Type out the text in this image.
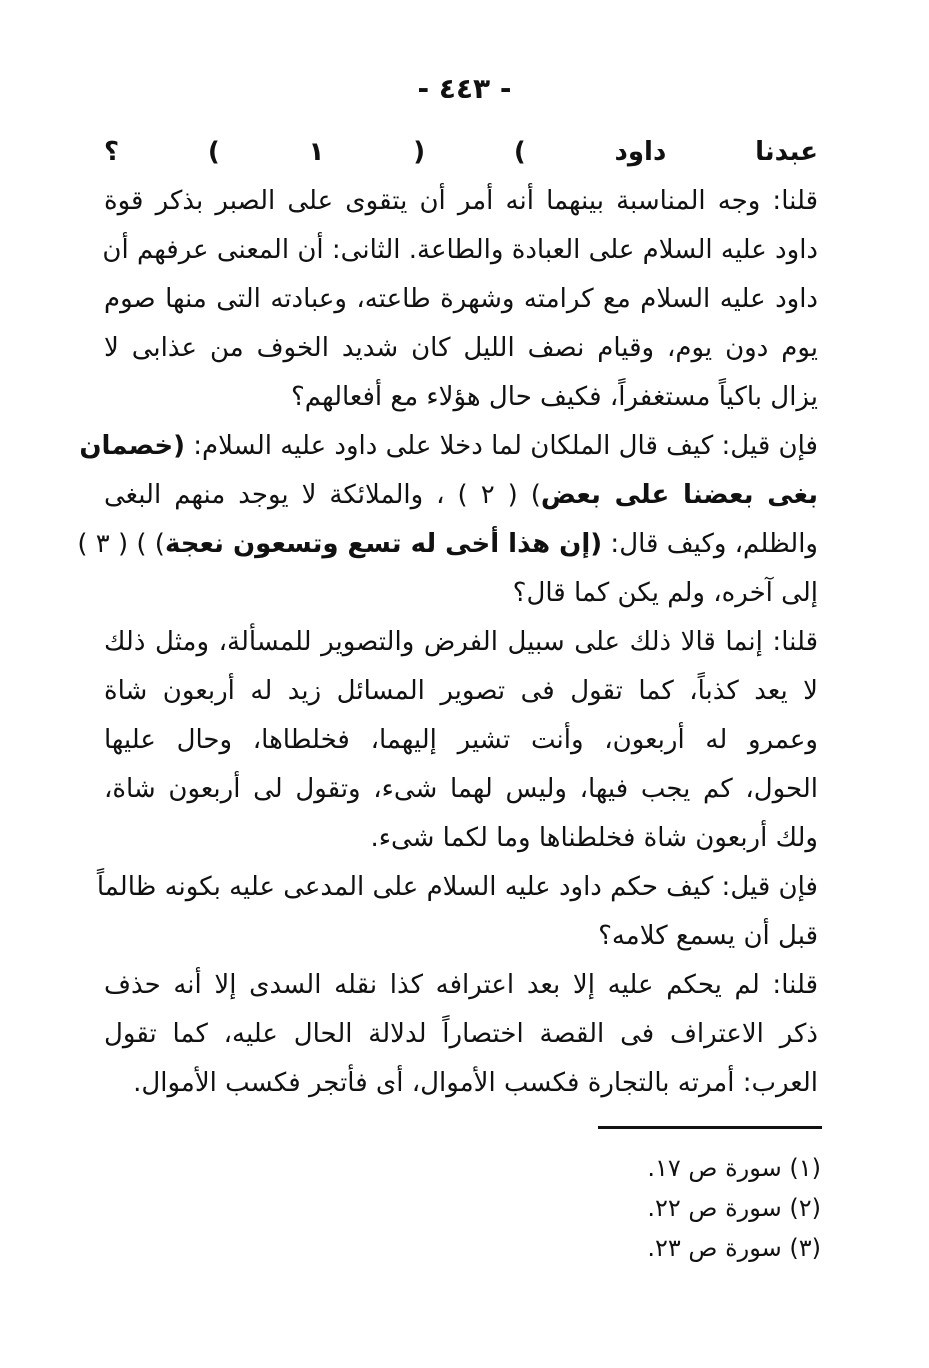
- ٤٤٣ -
عبدنا داود ) ( ١ ) ؟
قلنا: وجه المناسبة بينهما أنه أمر أن يتقوى على الصبر بذكر قوة
داود عليه السلام على العبادة والطاعة. الثانى: أن المعنى عرفهم أن
داود عليه السلام مع كرامته وشهرة طاعته، وعبادته التى منها صوم
يوم دون يوم، وقيام نصف الليل كان شديد الخوف من عذابى لا
يزال باكياً مستغفراً، فكيف حال هؤلاء مع أفعالهم؟
فإن قيل: كيف قال الملكان لما دخلا على داود عليه السلام: (خصمان
بغى بعضنا على بعض) ( ٢ ) ، والملائكة لا يوجد منهم البغى
والظلم، وكيف قال: (إن هذا أخى له تسع وتسعون نعجة) ) ( ٣ )
إلى آخره، ولم يكن كما قال؟
قلنا: إنما قالا ذلك على سبيل الفرض والتصوير للمسألة، ومثل ذلك
لا يعد كذباً، كما تقول فى تصوير المسائل زيد له أربعون شاة
وعمرو له أربعون، وأنت تشير إليهما، فخلطاها، وحال عليها
الحول، كم يجب فيها، وليس لهما شىء، وتقول لى أربعون شاة،
ولك أربعون شاة فخلطناها وما لكما شىء.
فإن قيل: كيف حكم داود عليه السلام على المدعى عليه بكونه ظالماً
قبل أن يسمع كلامه؟
قلنا: لم يحكم عليه إلا بعد اعترافه كذا نقله السدى إلا أنه حذف
ذكر الاعتراف فى القصة اختصاراً لدلالة الحال عليه، كما تقول
العرب: أمرته بالتجارة فكسب الأموال، أى فأتجر فكسب الأموال.
(١) سورة ص ١٧.
(٢) سورة ص ٢٢.
(٣) سورة ص ٢٣.
